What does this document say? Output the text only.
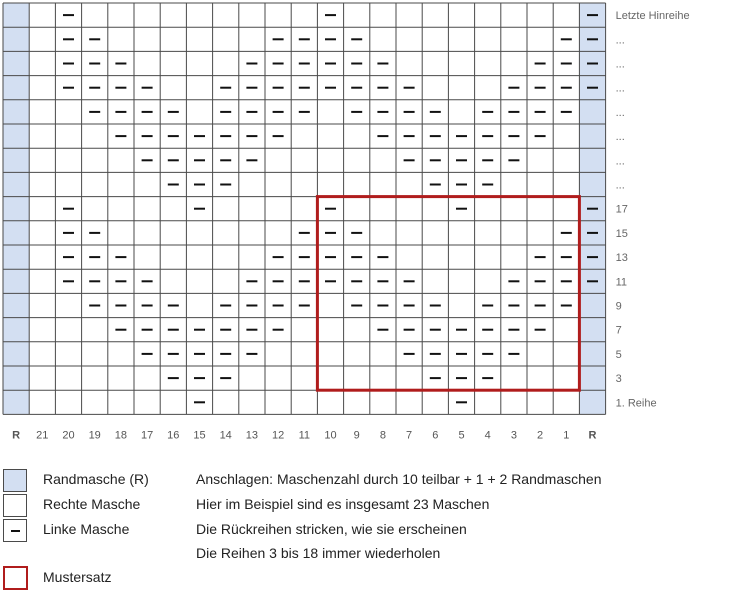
Letzte Hinreihe
...
...
...
...
...
...
...
17
15
13
11
9
7
5
3
1. Reihe
R 21 20 19 18 17 16 15 14 13 12 11 10 9 8 7 6 5 4 3 2 1 R
Randmasche (R)
Rechte Masche
Linke Masche
Mustersatz
Anschlagen: Maschenzahl durch 10 teilbar + 1 + 2 Randmaschen
Hier im Beispiel sind es insgesamt 23 Maschen
Die Rückreihen stricken, wie sie erscheinen
Die Reihen 3 bis 18 immer wiederholen
